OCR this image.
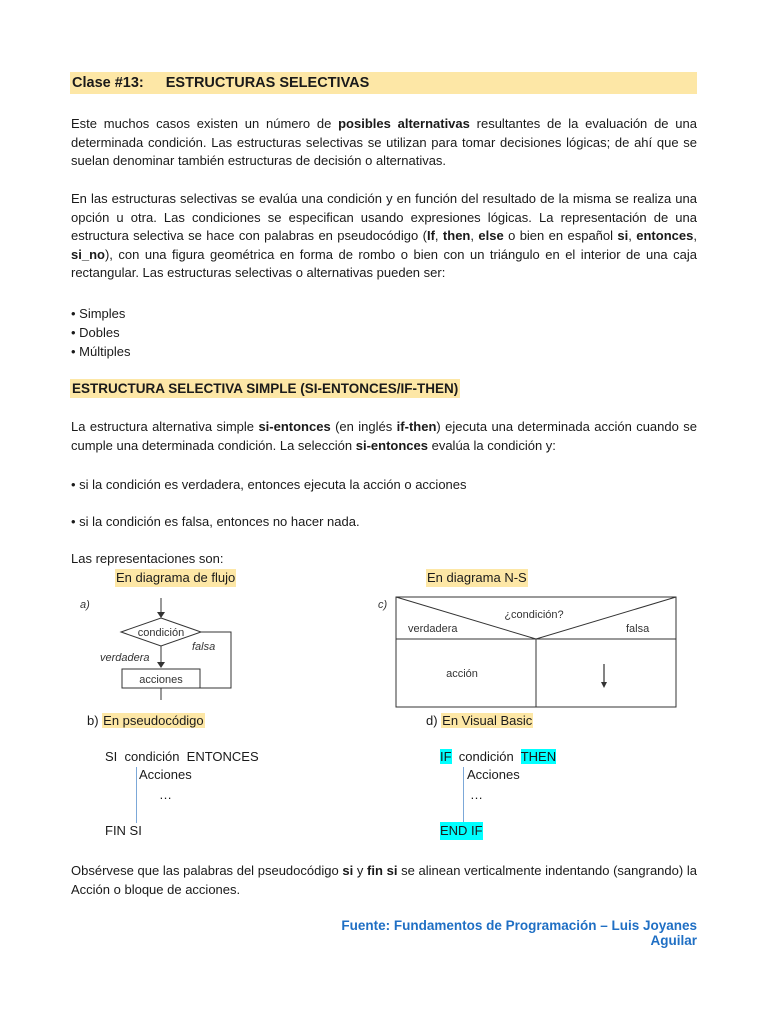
Clase #13: ESTRUCTURAS SELECTIVAS
Este muchos casos existen un número de posibles alternativas resultantes de la evaluación de una determinada condición. Las estructuras selectivas se utilizan para tomar decisiones lógicas; de ahí que se suelan denominar también estructuras de decisión o alternativas.
En las estructuras selectivas se evalúa una condición y en función del resultado de la misma se realiza una opción u otra. Las condiciones se especifican usando expresiones lógicas. La representación de una estructura selectiva se hace con palabras en pseudocódigo (If, then, else o bien en español si, entonces, si_no), con una figura geométrica en forma de rombo o bien con un triángulo en el interior de una caja rectangular. Las estructuras selectivas o alternativas pueden ser:
• Simples
• Dobles
• Múltiples
ESTRUCTURA SELECTIVA SIMPLE (SI-ENTONCES/IF-THEN)
La estructura alternativa simple si-entonces (en inglés if-then) ejecuta una determinada acción cuando se cumple una determinada condición. La selección si-entonces evalúa la condición y:
• si la condición es verdadera, entonces ejecuta la acción o acciones
• si la condición es falsa, entonces no hacer nada.
Las representaciones son:
En diagrama de flujo	En diagrama N-S
a)
condición
falsa
verdadera
acciones
c)
¿condición?
verdadera	falsa
acción
b) En pseudocódigo	d) En Visual Basic
SI  condición  ENTONCES
Acciones
…
FIN SI
IF  condición  THEN
Acciones
…
END IF
Obsérvese que las palabras del pseudocódigo si y fin si se alinean verticalmente indentando (sangrando) la Acción o bloque de acciones.
Fuente: Fundamentos de Programación – Luis Joyanes Aguilar
